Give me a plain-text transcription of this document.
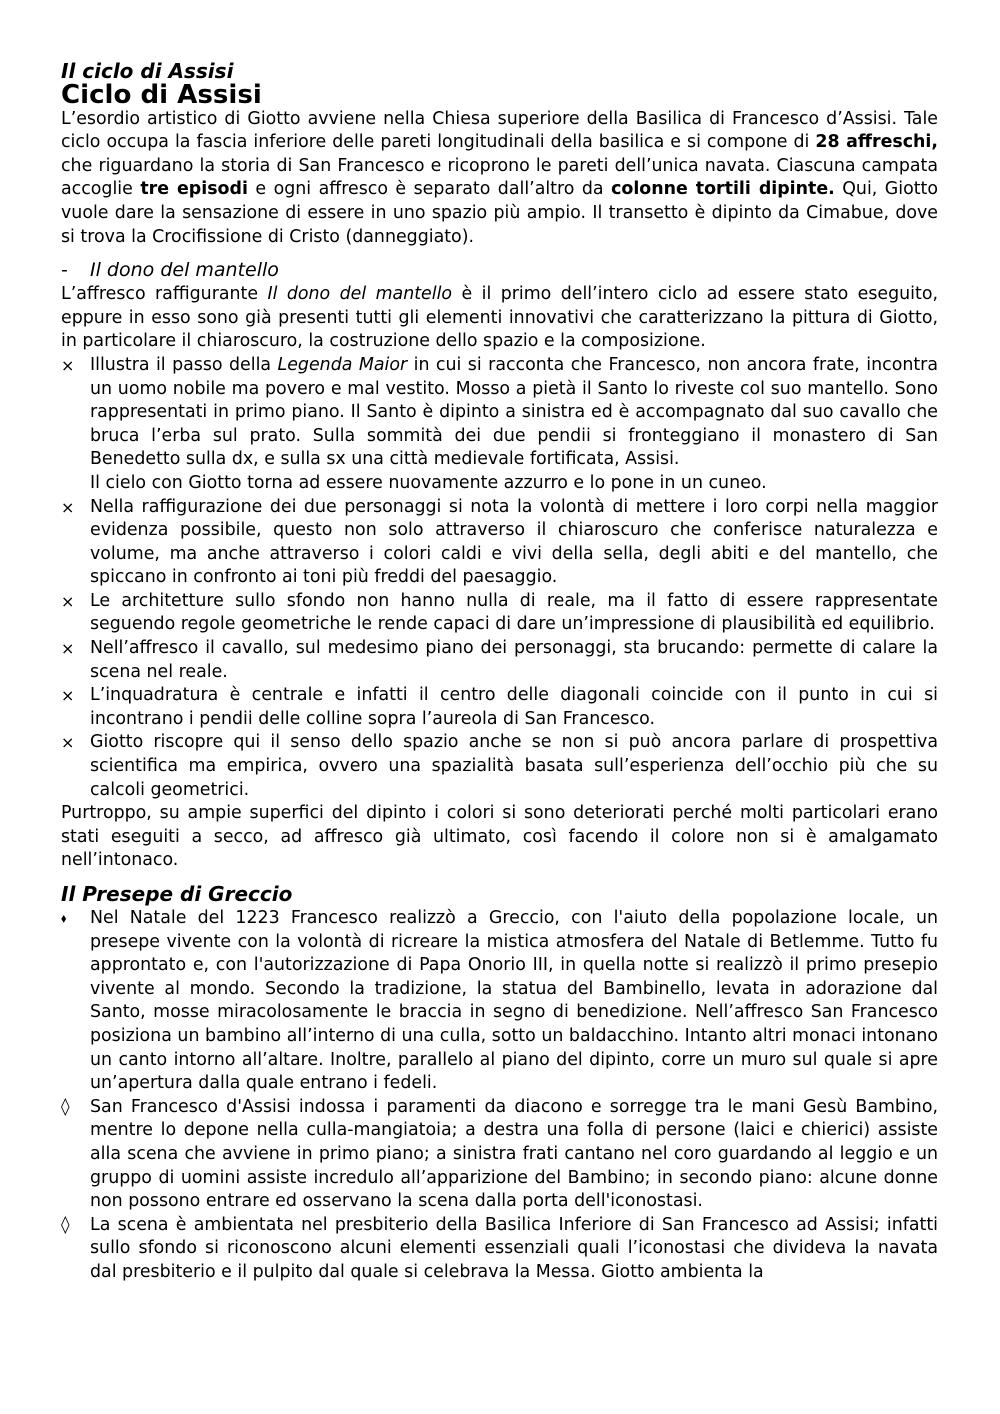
Il ciclo di Assisi
Ciclo di Assisi

L’esordio artistico di Giotto avviene nella Chiesa superiore della Basilica di Francesco d’Assisi. Tale ciclo occupa la fascia inferiore delle pareti longitudinali della basilica e si compone di 28 affreschi, che riguardano la storia di San Francesco e ricoprono le pareti dell’unica navata. Ciascuna campata accoglie tre episodi e ogni affresco è separato dall’altro da colonne tortili dipinte. Qui, Giotto vuole dare la sensazione di essere in uno spazio più ampio. Il transetto è dipinto da Cimabue, dove si trova la Crocifissione di Cristo (danneggiato).

-	Il dono del mantello

L’affresco raffigurante Il dono del mantello è il primo dell’intero ciclo ad essere stato eseguito, eppure in esso sono già presenti tutti gli elementi innovativi che caratterizzano la pittura di Giotto, in particolare il chiaroscuro, la costruzione dello spazio e la composizione.

× Illustra il passo della Legenda Maior in cui si racconta che Francesco, non ancora frate, incontra un uomo nobile ma povero e mal vestito. Mosso a pietà il Santo lo riveste col suo mantello. Sono rappresentati in primo piano. Il Santo è dipinto a sinistra ed è accompagnato dal suo cavallo che bruca l’erba sul prato. Sulla sommità dei due pendii si fronteggiano il monastero di San Benedetto sulla dx, e sulla sx una città medievale fortificata, Assisi.
Il cielo con Giotto torna ad essere nuovamente azzurro e lo pone in un cuneo.
× Nella raffigurazione dei due personaggi si nota la volontà di mettere i loro corpi nella maggior evidenza possibile, questo non solo attraverso il chiaroscuro che conferisce naturalezza e volume, ma anche attraverso i colori caldi e vivi della sella, degli abiti e del mantello, che spiccano in confronto ai toni più freddi del paesaggio.
× Le architetture sullo sfondo non hanno nulla di reale, ma il fatto di essere rappresentate seguendo regole geometriche le rende capaci di dare un’impressione di plausibilità ed equilibrio.
× Nell’affresco il cavallo, sul medesimo piano dei personaggi, sta brucando: permette di calare la scena nel reale.
× L’inquadratura è centrale e infatti il centro delle diagonali coincide con il punto in cui si incontrano i pendii delle colline sopra l’aureola di San Francesco.
× Giotto riscopre qui il senso dello spazio anche se non si può ancora parlare di prospettiva scientifica ma empirica, ovvero una spazialità basata sull’esperienza dell’occhio più che su calcoli geometrici.

Purtroppo, su ampie superfici del dipinto i colori si sono deteriorati perché molti particolari erano stati eseguiti a secco, ad affresco già ultimato, così facendo il colore non si è amalgamato nell’intonaco.

Il Presepe di Greccio
⬧	Nel Natale del 1223 Francesco realizzò a Greccio, con l'aiuto della popolazione locale, un presepe vivente con la volontà di ricreare la mistica atmosfera del Natale di Betlemme. Tutto fu approntato e, con l'autorizzazione di Papa Onorio III, in quella notte si realizzò il primo presepio vivente al mondo. Secondo la tradizione, la statua del Bambinello, levata in adorazione dal Santo, mosse miracolosamente le braccia in segno di benedizione. Nell’affresco San Francesco posiziona un bambino all’interno di una culla, sotto un baldacchino. Intanto altri monaci intonano un canto intorno all’altare. Inoltre, parallelo al piano del dipinto, corre un muro sul quale si apre un’apertura dalla quale entrano i fedeli.
◊	San Francesco d'Assisi indossa i paramenti da diacono e sorregge tra le mani Gesù Bambino, mentre lo depone nella culla-mangiatoia; a destra una folla di persone (laici e chierici) assiste alla scena che avviene in primo piano; a sinistra frati cantano nel coro guardando al leggio e un gruppo di uomini assiste incredulo all’apparizione del Bambino; in secondo piano: alcune donne non possono entrare ed osservano la scena dalla porta dell'iconostasi.
◊	La scena è ambientata nel presbiterio della Basilica Inferiore di San Francesco ad Assisi; infatti sullo sfondo si riconoscono alcuni elementi essenziali quali l’iconostasi che divideva la navata dal presbiterio e il pulpito dal quale si celebrava la Messa. Giotto ambienta la
